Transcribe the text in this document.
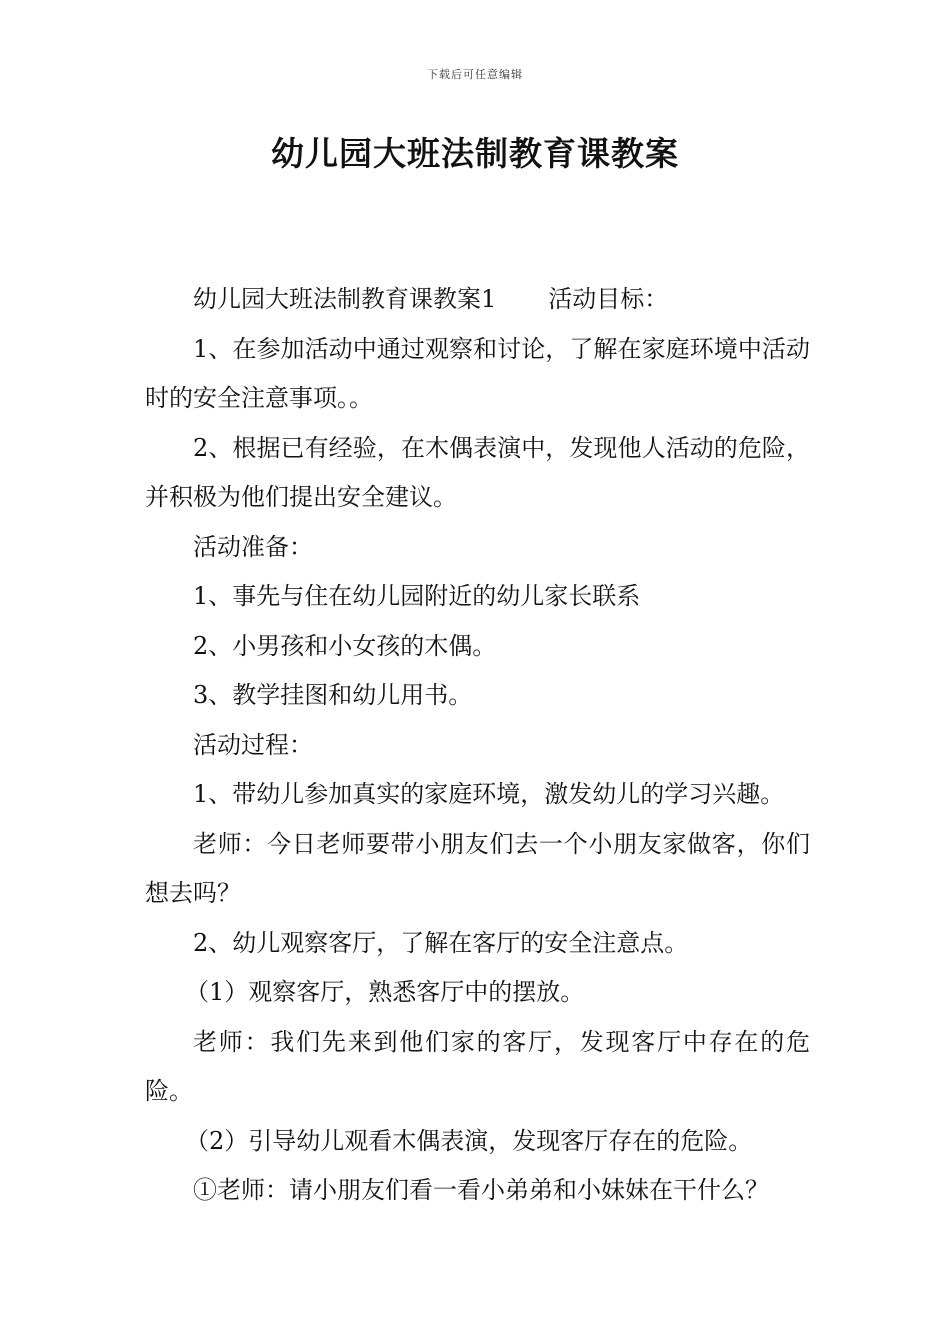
下载后可任意编辑
幼儿园大班法制教育课教案

幼儿园大班法制教育课教案1 活动目标：

1、在参加活动中通过观察和讨论，了解在家庭环境中活动时的安全注意事项。。

2、根据已有经验，在木偶表演中，发现他人活动的危险，并积极为他们提出安全建议。

活动准备：

1、事先与住在幼儿园附近的幼儿家长联系

2、小男孩和小女孩的木偶。

3、教学挂图和幼儿用书。

活动过程：

1、带幼儿参加真实的家庭环境，激发幼儿的学习兴趣。

老师：今日老师要带小朋友们去一个小朋友家做客，你们想去吗？

2、幼儿观察客厅，了解在客厅的安全注意点。

（1）观察客厅，熟悉客厅中的摆放。

老师：我们先来到他们家的客厅，发现客厅中存在的危险。

（2）引导幼儿观看木偶表演，发现客厅存在的危险。

①老师：请小朋友们看一看小弟弟和小妹妹在干什么？
